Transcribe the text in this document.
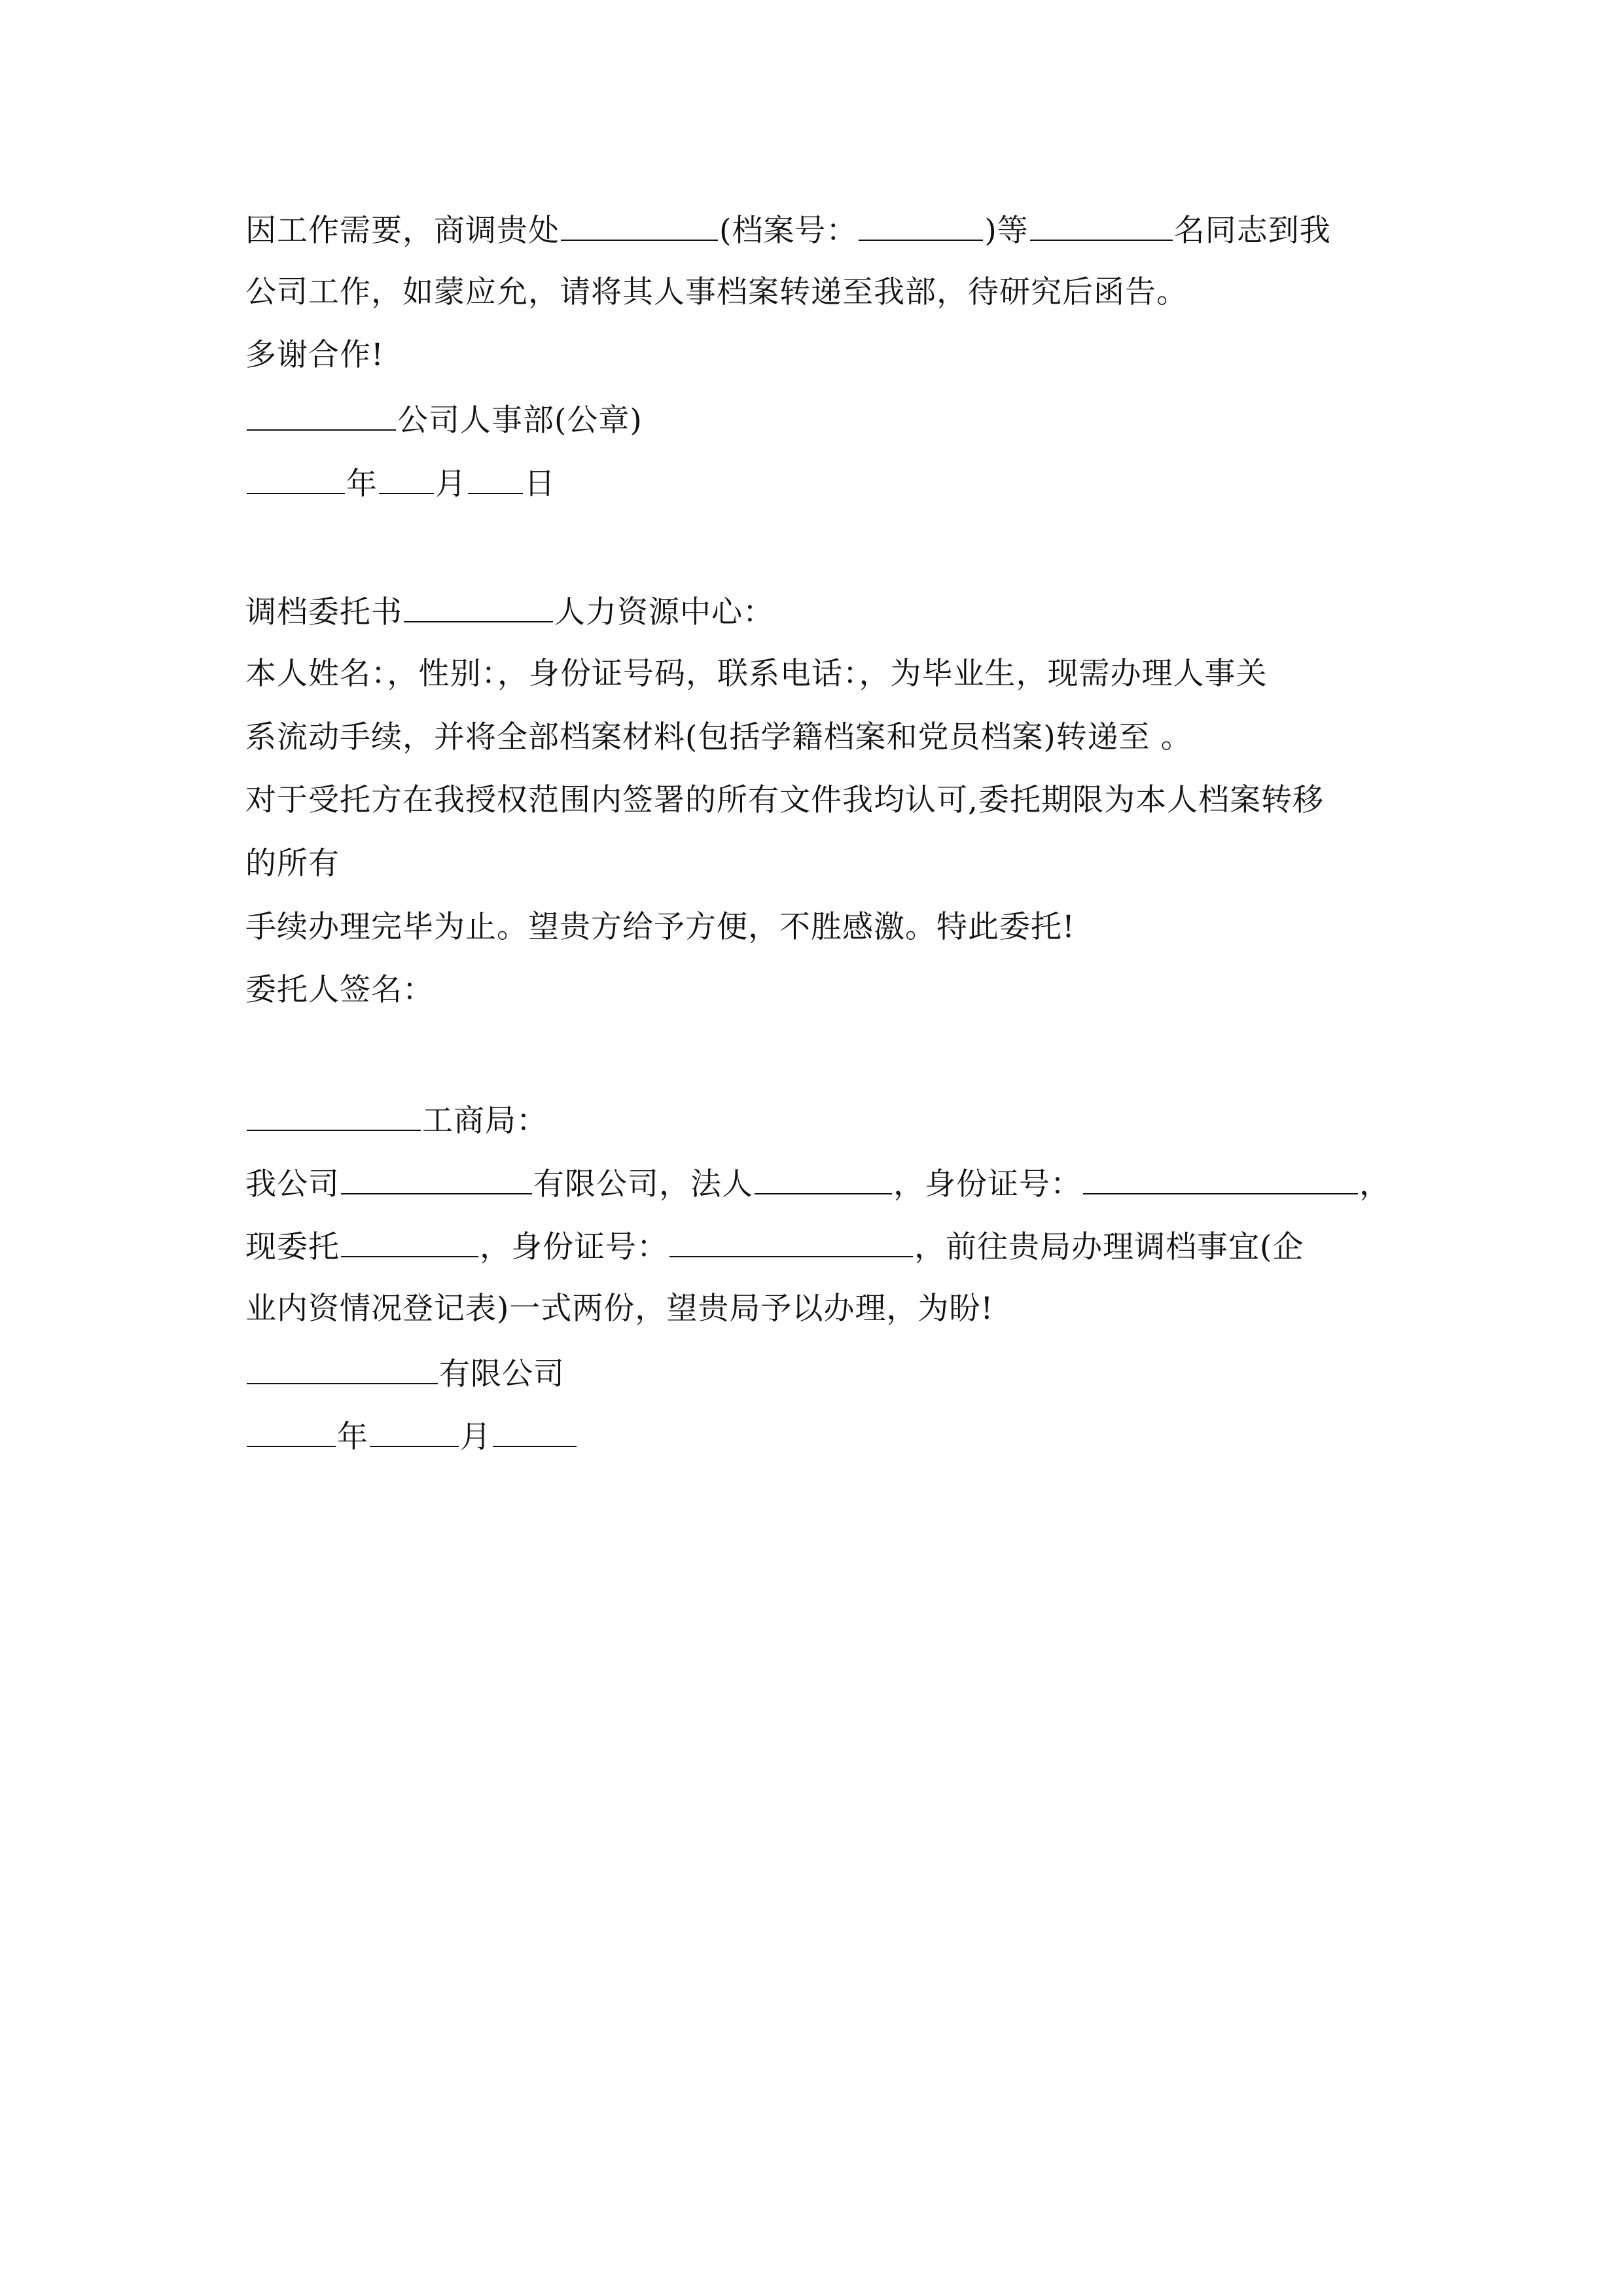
因工作需要，商调贵处	(档案号：	)等	名同志到我
公司工作，如蒙应允，请将其人事档案转递至我部，待研究后函告。
多谢合作!
公司人事部(公章)
年 月 日
调档委托书	人力资源中心：
本人姓名：，性别：，身份证号码，联系电话：，为毕业生，现需办理人事关
系流动手续，并将全部档案材料(包括学籍档案和党员档案)转递至 。
对于受托方在我授权范围内签署的所有文件我均认可,委托期限为本人档案转移
的所有
手续办理完毕为止。望贵方给予方便，不胜感激。特此委托!
委托人签名：
工商局：
我公司	有限公司，法人	，身份证号：	，
现委托	，身份证号：	，前往贵局办理调档事宜(企
业内资情况登记表)一式两份，望贵局予以办理，为盼!
有限公司
年	月
